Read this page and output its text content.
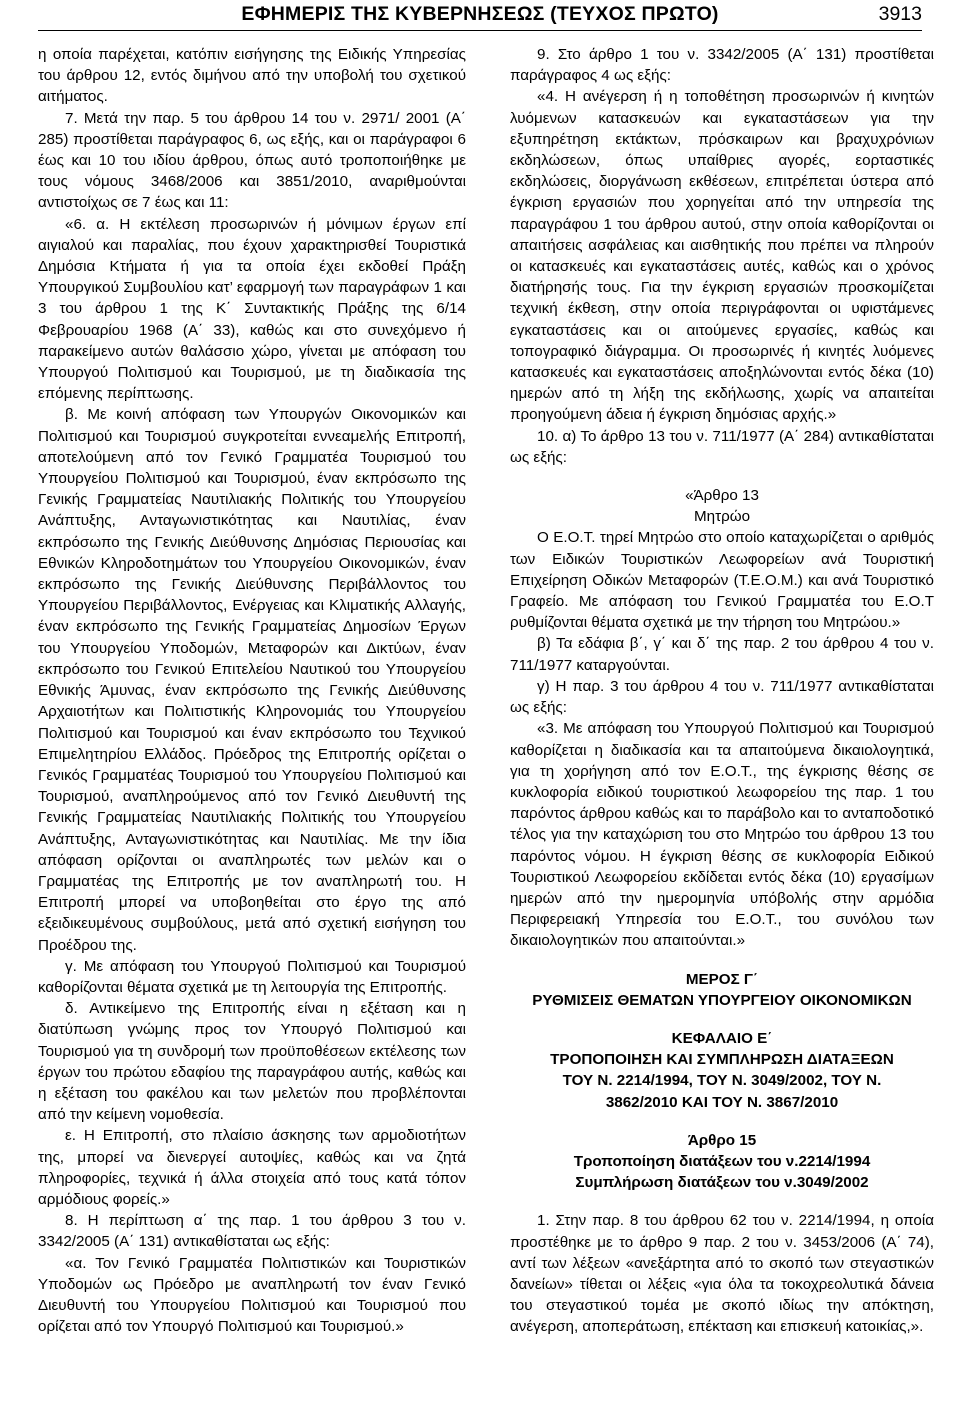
ΕΦΗΜΕΡΙΣ ΤΗΣ ΚΥΒΕΡΝΗΣΕΩΣ (ΤΕΥΧΟΣ ΠΡΩΤΟ)	3913

η οποία παρέχεται, κατόπιν εισήγησης της Ειδικής Υπηρεσίας του άρθρου 12, εντός διμήνου από την υποβολή του σχετικού αιτήματος.

7. Μετά την παρ. 5 του άρθρου 14 του ν. 2971/ 2001 (Α΄ 285) προστίθεται παράγραφος 6, ως εξής, και οι παράγραφοι 6 έως και 10 του ιδίου άρθρου, όπως αυτό τροποποιήθηκε με τους νόμους 3468/2006 και 3851/2010, αναριθμούνται αντιστοίχως σε 7 έως και 11:

«6. α. Η εκτέλεση προσωρινών ή μόνιμων έργων επί αιγιαλού και παραλίας, που έχουν χαρακτηρισθεί Τουριστικά Δημόσια Κτήματα ή για τα οποία έχει εκδοθεί Πράξη Υπουργικού Συμβουλίου κατ’ εφαρμογή των παραγράφων 1 και 3 του άρθρου 1 της Κ΄ Συντακτικής Πράξης της 6/14 Φεβρουαρίου 1968 (Α΄ 33), καθώς και στο συνεχόμενο ή παρακείμενο αυτών θαλάσσιο χώρο, γίνεται με απόφαση του Υπουργού Πολιτισμού και Τουρισμού, με τη διαδικασία της επόμενης περίπτωσης.

β. Με κοινή απόφαση των Υπουργών Οικονομικών και Πολιτισμού και Τουρισμού συγκροτείται εννεαμελής Επιτροπή, αποτελούμενη από τον Γενικό Γραμματέα Τουρισμού του Υπουργείου Πολιτισμού και Τουρισμού, έναν εκπρόσωπο της Γενικής Γραμματείας Ναυτιλιακής Πολιτικής του Υπουργείου Ανάπτυξης, Ανταγωνιστικότητας και Ναυτιλίας, έναν εκπρόσωπο της Γενικής Διεύθυνσης Δημόσιας Περιουσίας και Εθνικών Κληροδοτημάτων του Υπουργείου Οικονομικών, έναν εκπρόσωπο της Γενικής Διεύθυνσης Περιβάλλοντος του Υπουργείου Περιβάλλοντος, Ενέργειας και Κλιματικής Αλλαγής, έναν εκπρόσωπο της Γενικής Γραμματείας Δημοσίων Έργων του Υπουργείου Υποδομών, Μεταφορών και Δικτύων, έναν εκπρόσωπο του Γενικού Επιτελείου Ναυτικού του Υπουργείου Εθνικής Άμυνας, έναν εκπρόσωπο της Γενικής Διεύθυνσης Αρχαιοτήτων και Πολιτιστικής Κληρονομιάς του Υπουργείου Πολιτισμού και Τουρισμού και έναν εκπρόσωπο του Τεχνικού Επιμελητηρίου Ελλάδος. Πρόεδρος της Επιτροπής ορίζεται ο Γενικός Γραμματέας Τουρισμού του Υπουργείου Πολιτισμού και Τουρισμού, αναπληρούμενος από τον Γενικό Διευθυντή της Γενικής Γραμματείας Ναυτιλιακής Πολιτικής του Υπουργείου Ανάπτυξης, Ανταγωνιστικότητας και Ναυτιλίας. Με την ίδια απόφαση ορίζονται οι αναπληρωτές των μελών και ο Γραμματέας της Επιτροπής με τον αναπληρωτή του. Η Επιτροπή μπορεί να υποβοηθείται στο έργο της από εξειδικευμένους συμβούλους, μετά από σχετική εισήγηση του Προέδρου της.

γ. Με απόφαση του Υπουργού Πολιτισμού και Τουρισμού καθορίζονται θέματα σχετικά με τη λειτουργία της Επιτροπής.

δ. Αντικείμενο της Επιτροπής είναι η εξέταση και η διατύπωση γνώμης προς τον Υπουργό Πολιτισμού και Τουρισμού για τη συνδρομή των προϋποθέσεων εκτέλεσης των έργων του πρώτου εδαφίου της παραγράφου αυτής, καθώς και η εξέταση του φακέλου και των μελετών που προβλέπονται από την κείμενη νομοθεσία.

ε. Η Επιτροπή, στο πλαίσιο άσκησης των αρμοδιοτήτων της, μπορεί να διενεργεί αυτοψίες, καθώς και να ζητά πληροφορίες, τεχνικά ή άλλα στοιχεία από τους κατά τόπον αρμόδιους φορείς.»

8. Η περίπτωση α΄ της παρ. 1 του άρθρου 3 του ν. 3342/2005 (Α΄ 131) αντικαθίσταται ως εξής:

«α. Τον Γενικό Γραμματέα Πολιτιστικών και Τουριστικών Υποδομών ως Πρόεδρο με αναπληρωτή τον έναν Γενικό Διευθυντή του Υπουργείου Πολιτισμού και Τουρισμού που ορίζεται από τον Υπουργό Πολιτισμού και Τουρισμού.»

9. Στο άρθρο 1 του ν. 3342/2005 (Α΄ 131) προστίθεται παράγραφος 4 ως εξής:

«4. Η ανέγερση ή η τοποθέτηση προσωρινών ή κινητών λυόμενων κατασκευών και εγκαταστάσεων για την εξυπηρέτηση εκτάκτων, πρόσκαιρων και βραχυχρόνιων εκδηλώσεων, όπως υπαίθριες αγορές, εορταστικές εκδηλώσεις, διοργάνωση εκθέσεων, επιτρέπεται ύστερα από έγκριση εργασιών που χορηγείται από την υπηρεσία της παραγράφου 1 του άρθρου αυτού, στην οποία καθορίζονται οι απαιτήσεις ασφάλειας και αισθητικής που πρέπει να πληρούν οι κατασκευές και εγκαταστάσεις αυτές, καθώς και ο χρόνος διατήρησής τους. Για την έγκριση εργασιών προσκομίζεται τεχνική έκθεση, στην οποία περιγράφονται οι υφιστάμενες εγκαταστάσεις και οι αιτούμενες εργασίες, καθώς και τοπογραφικό διάγραμμα. Οι προσωρινές ή κινητές λυόμενες κατασκευές και εγκαταστάσεις αποξηλώνονται εντός δέκα (10) ημερών από τη λήξη της εκδήλωσης, χωρίς να απαιτείται προηγούμενη άδεια ή έγκριση δημόσιας αρχής.»

10. α) Το άρθρο 13 του ν. 711/1977 (Α΄ 284) αντικαθίσταται ως εξής:

«Άρθρο 13

Μητρώο

Ο Ε.Ο.Τ. τηρεί Μητρώο στο οποίο καταχωρίζεται ο αριθμός των Ειδικών Τουριστικών Λεωφορείων ανά Τουριστική Επιχείρηση Οδικών Μεταφορών (Τ.Ε.Ο.Μ.) και ανά Τουριστικό Γραφείο. Με απόφαση του Γενικού Γραμματέα του Ε.Ο.Τ ρυθμίζονται θέματα σχετικά με την τήρηση του Μητρώου.»

β) Τα εδάφια β΄, γ΄ και δ΄ της παρ. 2 του άρθρου 4 του ν. 711/1977 καταργούνται.

γ) Η παρ. 3 του άρθρου 4 του ν. 711/1977 αντικαθίσταται ως εξής:

«3. Με απόφαση του Υπουργού Πολιτισμού και Τουρισμού καθορίζεται η διαδικασία και τα απαιτούμενα δικαιολογητικά, για τη χορήγηση από τον Ε.Ο.Τ., της έγκρισης θέσης σε κυκλοφορία ειδικού τουριστικού λεωφορείου της παρ. 1 του παρόντος άρθρου καθώς και το παράβολο και το ανταποδοτικό τέλος για την καταχώριση του στο Μητρώο του άρθρου 13 του παρόντος νόμου. Η έγκριση θέσης σε κυκλοφορία Ειδικού Τουριστικού Λεωφορείου εκδίδεται εντός δέκα (10) εργασίμων ημερών από την ημερομηνία υπόβολής στην αρμόδια Περιφερειακή Υπηρεσία του Ε.Ο.Τ., του συνόλου των δικαιολογητικών που απαιτούνται.»

ΜΕΡΟΣ Γ΄

ΡΥΘΜΙΣΕΙΣ ΘΕΜΑΤΩΝ ΥΠΟΥΡΓΕΙΟΥ ΟΙΚΟΝΟΜΙΚΩΝ

ΚΕΦΑΛΑΙΟ Ε΄

ΤΡΟΠΟΠΟΙΗΣΗ ΚΑΙ ΣΥΜΠΛΗΡΩΣΗ ΔΙΑΤΑΞΕΩΝ

ΤΟΥ Ν. 2214/1994, ΤΟΥ Ν. 3049/2002, ΤΟΥ Ν.

3862/2010 ΚΑΙ ΤΟΥ Ν. 3867/2010

Άρθρο 15

Τροποποίηση διατάξεων του ν.2214/1994

Συμπλήρωση διατάξεων του ν.3049/2002

1. Στην παρ. 8 του άρθρου 62 του ν. 2214/1994, η οποία προστέθηκε με το άρθρο 9 παρ. 2 του ν. 3453/2006 (Α΄ 74), αντί των λέξεων «ανεξάρτητα από το σκοπό των στεγαστικών δανείων» τίθεται οι λέξεις «για όλα τα τοκοχρεολυτικά δάνεια του στεγαστικού τομέα με σκοπό ιδίως την απόκτηση, ανέγερση, αποπεράτωση, επέκταση και επισκευή κατοικίας,».
